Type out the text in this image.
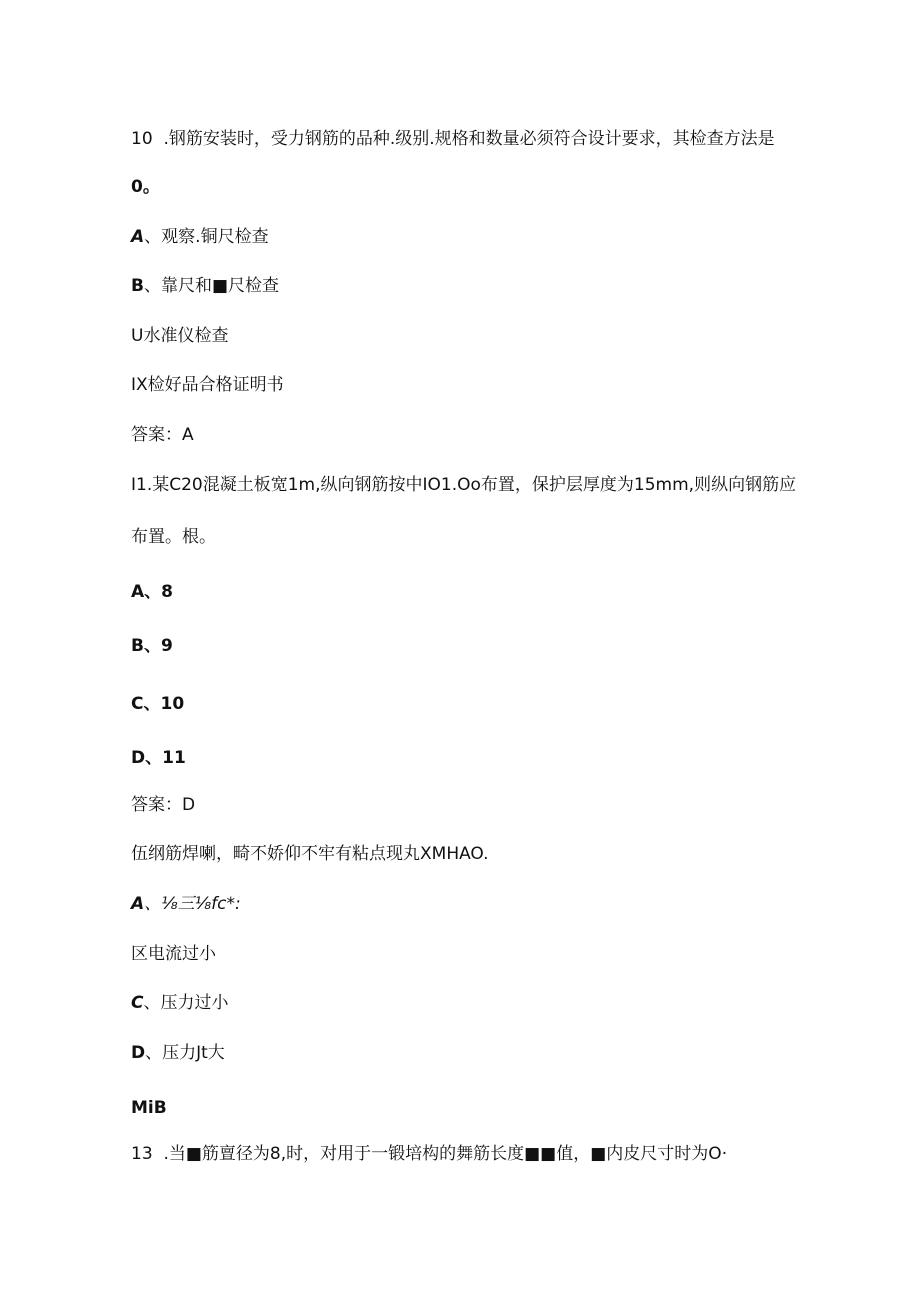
10  .钢筋安装时，受力钢筋的品种.级别.规格和数量必须符合设计要求，其检查方法是
0。
A、观察.铜尺检查
B、靠尺和■尺检查
U水准仪检查
IX检好品合格证明书
答案：A
I1.某C20混凝土板宽1m,纵向钢筋按中IO1.Oo布置，保护层厚度为15mm,则纵向钢筋应
布置。根。
A、8
B、9
C、10
D、11
答案：D
伍纲筋焊喇，畸不娇仰不牢有粘点现丸XMHAO.
A、⅛三⅛fc*:
区电流过小
C、压力过小
D、压力Jt大
MiB
13  .当■筋亶径为8,时，对用于一锻培构的舞筋长度■■值，■内皮尺寸时为O·
